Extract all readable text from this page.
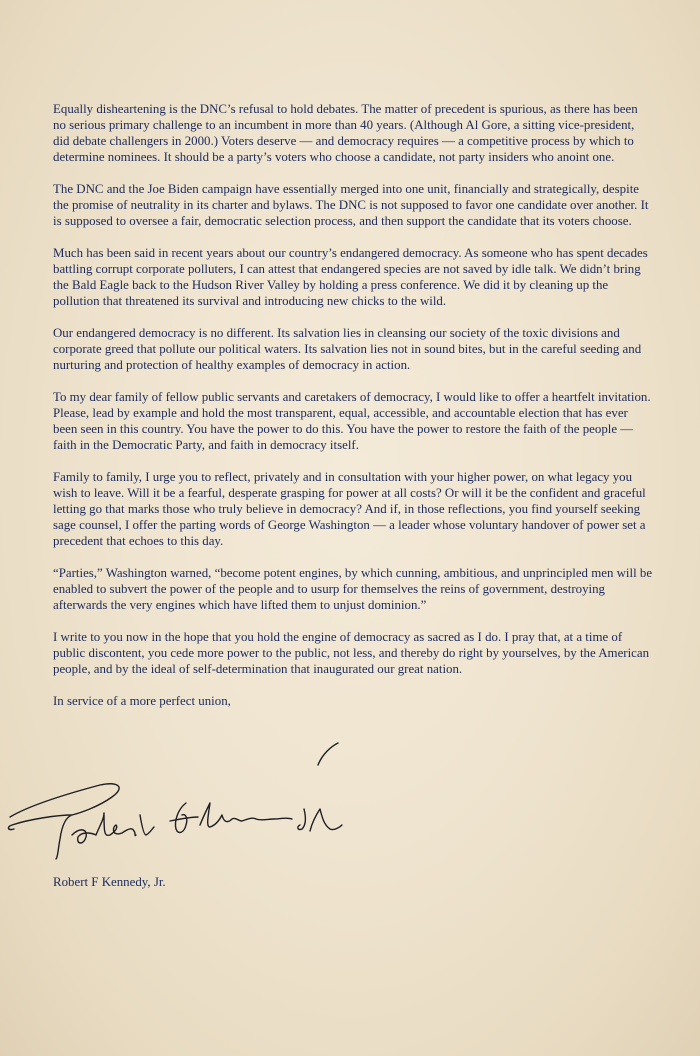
Equally disheartening is the DNC’s refusal to hold debates. The matter of precedent is spurious, as there has been no serious primary challenge to an incumbent in more than 40 years. (Although Al Gore, a sitting vice-president, did debate challengers in 2000.) Voters deserve — and democracy requires — a competitive process by which to determine nominees. It should be a party’s voters who choose a candidate, not party insiders who anoint one.

The DNC and the Joe Biden campaign have essentially merged into one unit, financially and strategically, despite the promise of neutrality in its charter and bylaws. The DNC is not supposed to favor one candidate over another. It is supposed to oversee a fair, democratic selection process, and then support the candidate that its voters choose.

Much has been said in recent years about our country’s endangered democracy. As someone who has spent decades battling corrupt corporate polluters, I can attest that endangered species are not saved by idle talk. We didn’t bring the Bald Eagle back to the Hudson River Valley by holding a press conference. We did it by cleaning up the pollution that threatened its survival and introducing new chicks to the wild.

Our endangered democracy is no different. Its salvation lies in cleansing our society of the toxic divisions and corporate greed that pollute our political waters. Its salvation lies not in sound bites, but in the careful seeding and nurturing and protection of healthy examples of democracy in action.

To my dear family of fellow public servants and caretakers of democracy, I would like to offer a heartfelt invitation. Please, lead by example and hold the most transparent, equal, accessible, and accountable election that has ever been seen in this country. You have the power to do this. You have the power to restore the faith of the people — faith in the Democratic Party, and faith in democracy itself.

Family to family, I urge you to reflect, privately and in consultation with your higher power, on what legacy you wish to leave. Will it be a fearful, desperate grasping for power at all costs? Or will it be the confident and graceful letting go that marks those who truly believe in democracy? And if, in those reflections, you find yourself seeking sage counsel, I offer the parting words of George Washington — a leader whose voluntary handover of power set a precedent that echoes to this day.

“Parties,” Washington warned, “become potent engines, by which cunning, ambitious, and unprincipled men will be enabled to subvert the power of the people and to usurp for themselves the reins of government, destroying afterwards the very engines which have lifted them to unjust dominion.”

I write to you now in the hope that you hold the engine of democracy as sacred as I do. I pray that, at a time of public discontent, you cede more power to the public, not less, and thereby do right by yourselves, by the American people, and by the ideal of self-determination that inaugurated our great nation.

In service of a more perfect union,

Robert F Kennedy, Jr.
